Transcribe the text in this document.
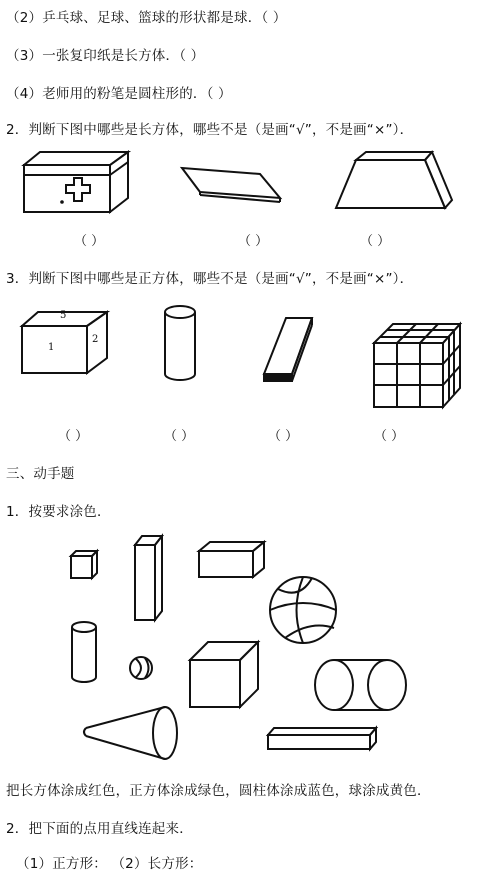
（2）乒乓球、足球、篮球的形状都是球．（ ）
（3）一张复印纸是长方体．（ ）
（4）老师用的粉笔是圆柱形的．（ ）
2．判断下图中哪些是长方体，哪些不是（是画“√”，不是画“×”）．
5
1
2
（ ）	（ ）	（ ）
3．判断下图中哪些是正方体，哪些不是（是画“√”，不是画“×”）．
（ ）	（ ）	（ ）	（ ）
三、动手题
1．按要求涂色．
把长方体涂成红色，正方体涂成绿色，圆柱体涂成蓝色，球涂成黄色．
2．把下面的点用直线连起来．
（1）正方形： （2）长方形：
